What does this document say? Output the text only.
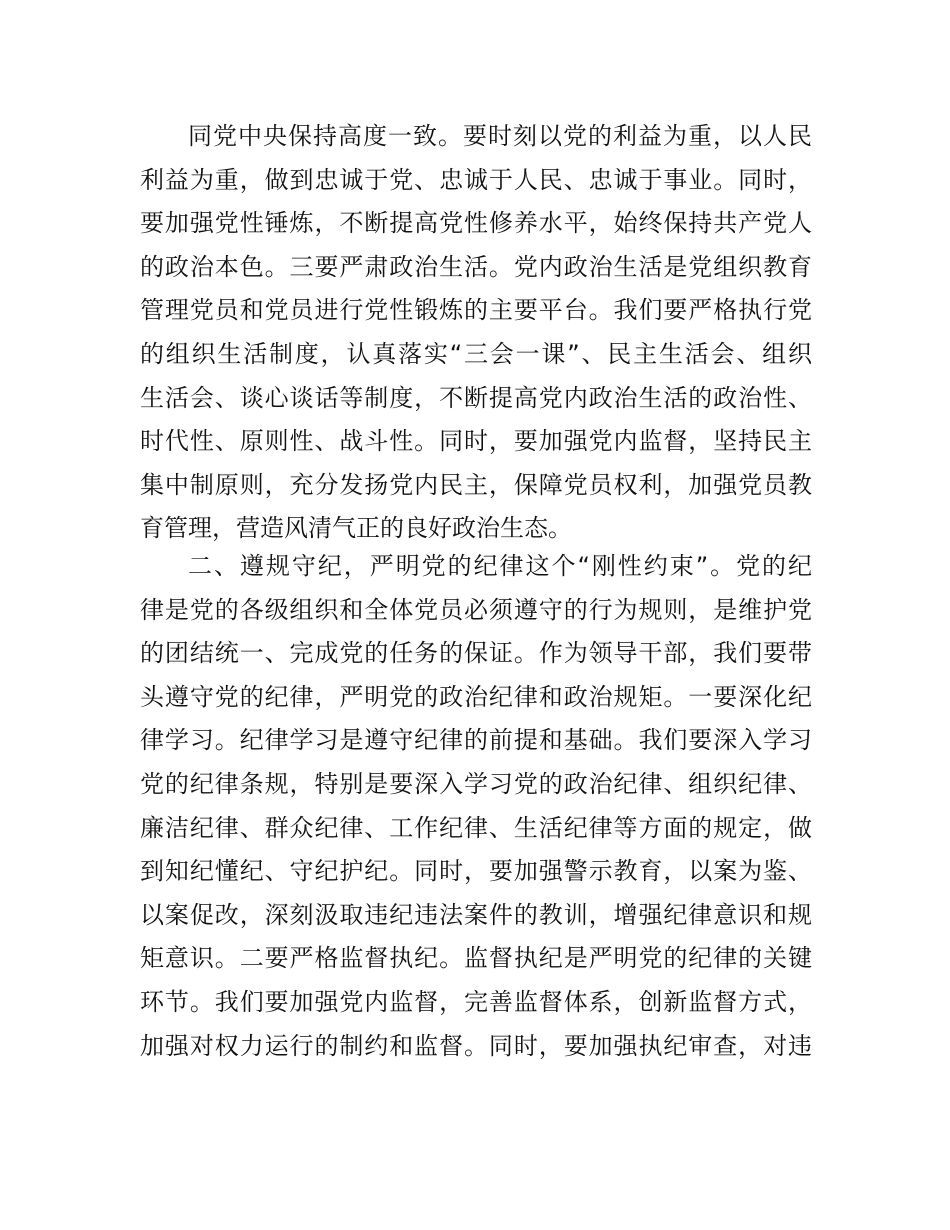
同党中央保持高度一致。要时刻以党的利益为重，以人民
利益为重，做到忠诚于党、忠诚于人民、忠诚于事业。同时，
要加强党性锤炼，不断提高党性修养水平，始终保持共产党人
的政治本色。三要严肃政治生活。党内政治生活是党组织教育
管理党员和党员进行党性锻炼的主要平台。我们要严格执行党
的组织生活制度，认真落实“三会一课”、民主生活会、组织
生活会、谈心谈话等制度，不断提高党内政治生活的政治性、
时代性、原则性、战斗性。同时，要加强党内监督，坚持民主
集中制原则，充分发扬党内民主，保障党员权利，加强党员教
育管理，营造风清气正的良好政治生态。
二、遵规守纪，严明党的纪律这个“刚性约束”。党的纪
律是党的各级组织和全体党员必须遵守的行为规则，是维护党
的团结统一、完成党的任务的保证。作为领导干部，我们要带
头遵守党的纪律，严明党的政治纪律和政治规矩。一要深化纪
律学习。纪律学习是遵守纪律的前提和基础。我们要深入学习
党的纪律条规，特别是要深入学习党的政治纪律、组织纪律、
廉洁纪律、群众纪律、工作纪律、生活纪律等方面的规定，做
到知纪懂纪、守纪护纪。同时，要加强警示教育，以案为鉴、
以案促改，深刻汲取违纪违法案件的教训，增强纪律意识和规
矩意识。二要严格监督执纪。监督执纪是严明党的纪律的关键
环节。我们要加强党内监督，完善监督体系，创新监督方式，
加强对权力运行的制约和监督。同时，要加强执纪审查，对违
